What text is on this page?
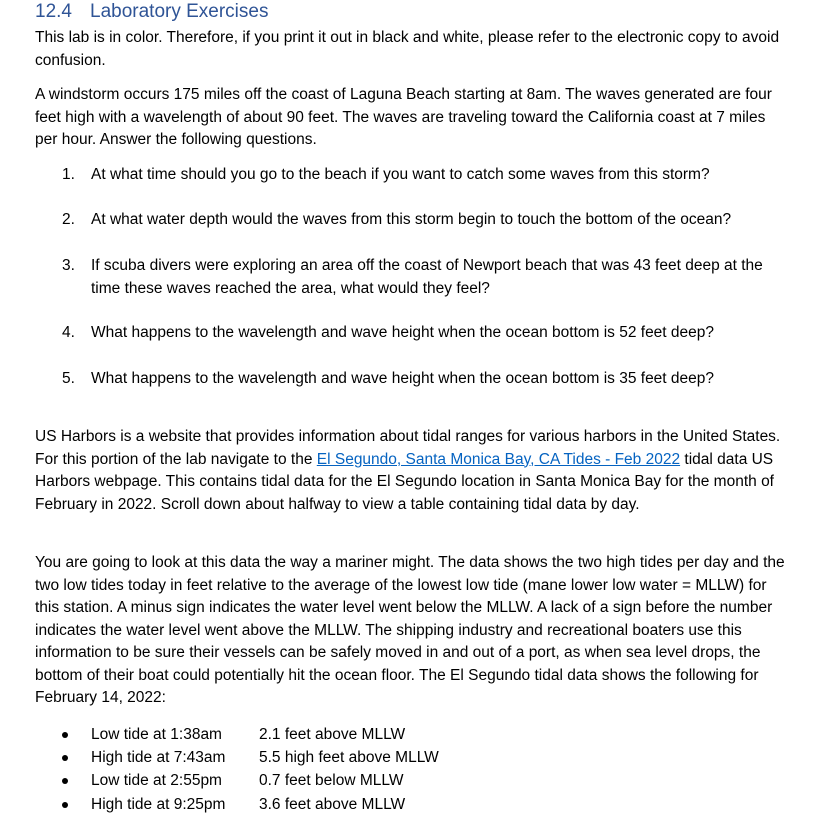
12.4 Laboratory Exercises
This lab is in color. Therefore, if you print it out in black and white, please refer to the electronic copy to avoid confusion.
A windstorm occurs 175 miles off the coast of Laguna Beach starting at 8am. The waves generated are four feet high with a wavelength of about 90 feet. The waves are traveling toward the California coast at 7 miles per hour. Answer the following questions.
1.	At what time should you go to the beach if you want to catch some waves from this storm?
2.	At what water depth would the waves from this storm begin to touch the bottom of the ocean?
3.	If scuba divers were exploring an area off the coast of Newport beach that was 43 feet deep at the time these waves reached the area, what would they feel?
4.	What happens to the wavelength and wave height when the ocean bottom is 52 feet deep?
5.	What happens to the wavelength and wave height when the ocean bottom is 35 feet deep?
US Harbors is a website that provides information about tidal ranges for various harbors in the United States. For this portion of the lab navigate to the El Segundo, Santa Monica Bay, CA Tides - Feb 2022 tidal data US Harbors webpage. This contains tidal data for the El Segundo location in Santa Monica Bay for the month of February in 2022. Scroll down about halfway to view a table containing tidal data by day.
You are going to look at this data the way a mariner might. The data shows the two high tides per day and the two low tides today in feet relative to the average of the lowest low tide (mane lower low water = MLLW) for this station. A minus sign indicates the water level went below the MLLW. A lack of a sign before the number indicates the water level went above the MLLW. The shipping industry and recreational boaters use this information to be sure their vessels can be safely moved in and out of a port, as when sea level drops, the bottom of their boat could potentially hit the ocean floor. The El Segundo tidal data shows the following for February 14, 2022:
Low tide at 1:38am 2.1 feet above MLLW
High tide at 7:43am 5.5 high feet above MLLW
Low tide at 2:55pm 0.7 feet below MLLW
High tide at 9:25pm 3.6 feet above MLLW
